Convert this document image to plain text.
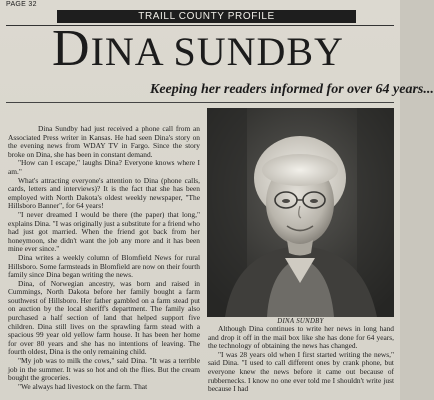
PAGE 32
TRAILL COUNTY PROFILE
DINA SUNDBY
Keeping her readers informed for over 64 years...

Dina Sundby had just received a phone call from an Associated Press writer in Kansas. He had seen Dina's story on the evening news from WDAY TV in Fargo. Since the story broke on Dina, she has been in constant demand.

"How can I escape," laughs Dina? Everyone knows where I am."

What's attracting everyone's attention to Dina (phone calls, cards, letters and interviews)? It is the fact that she has been employed with North Dakota's oldest weekly newspaper, "The Hillsboro Banner", for 64 years!

"I never dreamed I would be there (the paper) that long," explains Dina. "I was originally just a substitute for a friend who had just got married. When the friend got back from her honeymoon, she didn't want the job any more and it has been mine ever since."

Dina writes a weekly column of Blomfield News for rural Hillsboro. Some farmsteads in Blomfield are now on their fourth family since Dina began writing the news.

Dina, of Norwegian ancestry, was born and raised in Cummings, North Dakota before her family bought a farm southwest of Hillsboro. Her father gambled on a farm stead put on auction by the local sheriff's department. The family also purchased a half section of land that helped support five children. Dina still lives on the sprawling farm stead with a spacious 99 year old yellow farm house. It has been her home for over 80 years and she has no intentions of leaving. The fourth oldest, Dina is the only remaining child.

"My job was to milk the cows," said Dina. "It was a terrible job in the summer. It was so hot and oh the flies. But the cream bought the groceries.

"We always had livestock on the farm. That

DINA SUNDBY

Although Dina continues to write her news in long hand and drop it off in the mail box like she has done for 64 years, the technology of obtaining the news has changed.

"I was 28 years old when I first started writing the news," said Dina. "I used to call different ones by crank phone, but everyone knew the news before it came out because of rubbernecks. I know no one ever told me I shouldn't write just because I had
